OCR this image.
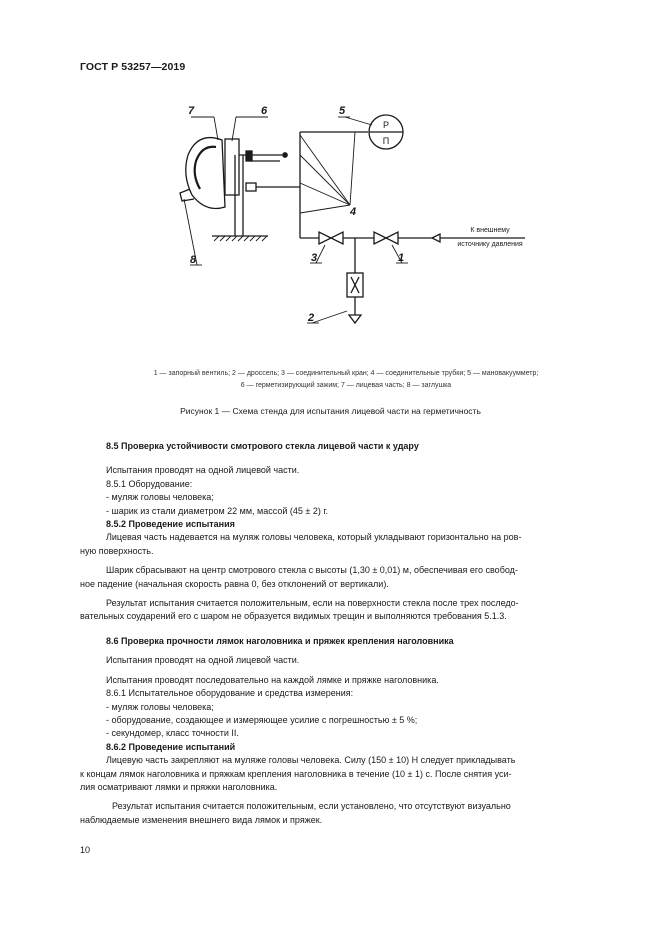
ГОСТ Р 53257—2019
7	6	5
4
3	1
8
2
Р
П
К внешнему
источнику давления
1 — запорный вентиль; 2 — дроссель; 3 — соединительный кран; 4 — соединительные трубки; 5 — мановакуумметр;
6 — герметизирующий зажим; 7 — лицевая часть; 8 — заглушка
Рисунок 1 — Схема стенда для испытания лицевой части на герметичность

8.5 Проверка устойчивости смотрового стекла лицевой части к удару

Испытания проводят на одной лицевой части.

8.5.1 Оборудование:

- муляж головы человека;

- шарик из стали диаметром 22 мм, массой (45 ± 2) г.

8.5.2 Проведение испытания

Лицевая часть надевается на муляж головы человека, который укладывают горизонтально на ров-

ную поверхность.

Шарик сбрасывают на центр смотрового стекла с высоты (1,30 ± 0,01) м, обеспечивая его свобод-

ное падение (начальная скорость равна 0, без отклонений от вертикали).

Результат испытания считается положительным, если на поверхности стекла после трех последо-

вательных соударений его с шаром не образуется видимых трещин и выполняются требования 5.1.3.

8.6 Проверка прочности лямок наголовника и пряжек крепления наголовника

Испытания проводят на одной лицевой части.

Испытания проводят последовательно на каждой лямке и пряжке наголовника.

8.6.1 Испытательное оборудование и средства измерения:

- муляж головы человека;

- оборудование, создающее и измеряющее усилие с погрешностью ± 5 %;

- секундомер, класс точности II.

8.6.2 Проведение испытаний

Лицевую часть закрепляют на муляже головы человека. Силу (150 ± 10) Н следует прикладывать

к концам лямок наголовника и пряжкам крепления наголовника в течение (10 ± 1) с. После снятия уси-

лия осматривают лямки и пряжки наголовника.

Результат испытания считается положительным, если установлено, что отсутствуют визуально

наблюдаемые изменения внешнего вида лямок и пряжек.

10
